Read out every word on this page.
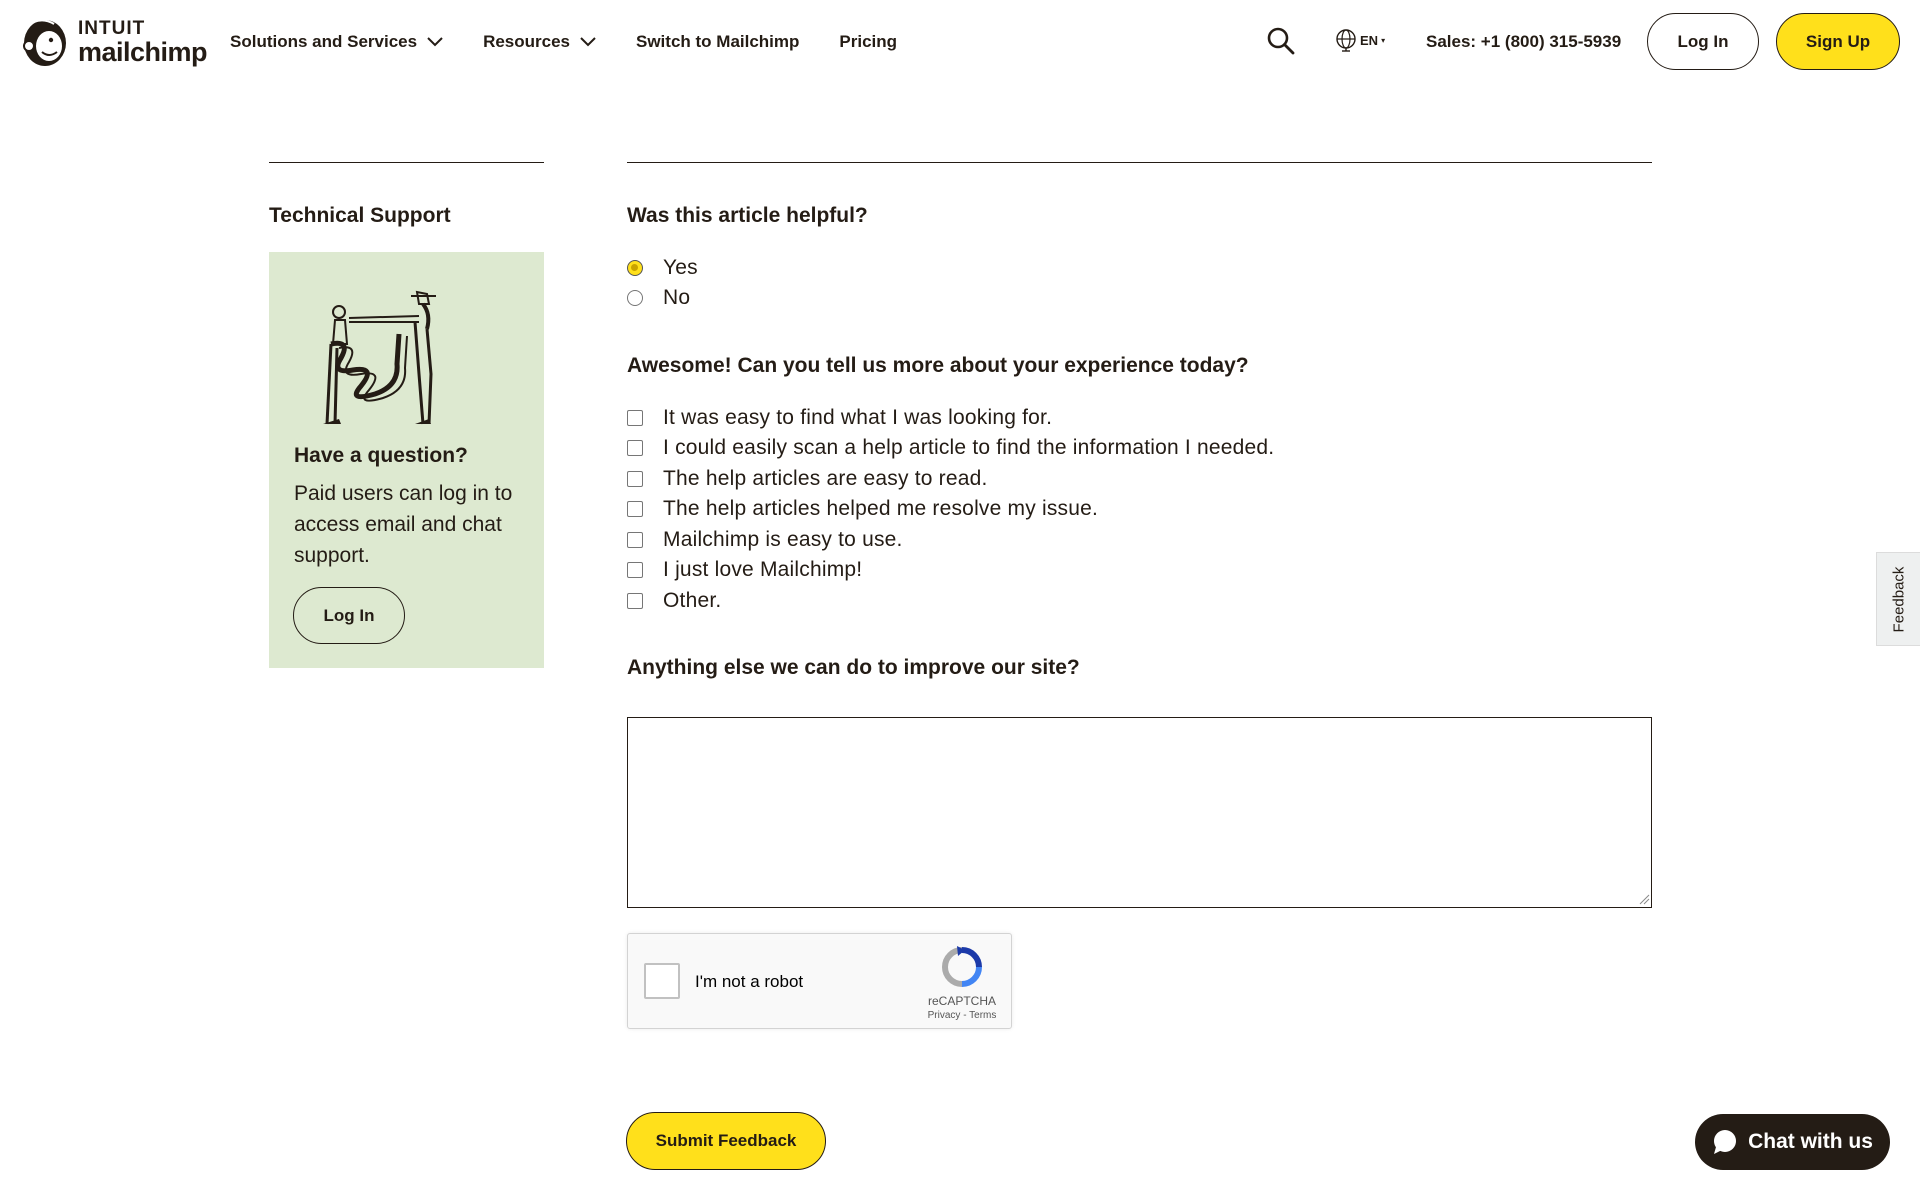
INTUIT
mailchimp Solutions and Services	Resources	Switch to Mailchimp Pricing	EN ▾ Sales: +1 (800) 315-5939	Log In	Sign Up
Technical Support
Have a question?

Paid users can log in to access email and chat support.

Log In
Was this article helpful?
Yes
No
Awesome! Can you tell us more about your experience today?
It was easy to find what I was looking for.
I could easily scan a help article to find the information I needed.
The help articles are easy to read.
The help articles helped me resolve my issue.
Mailchimp is easy to use.
I just love Mailchimp!
Other.
Anything else we can do to improve our site?
I'm not a robot
reCAPTCHA
Privacy - Terms
Submit Feedback
Feedback
Chat with us
